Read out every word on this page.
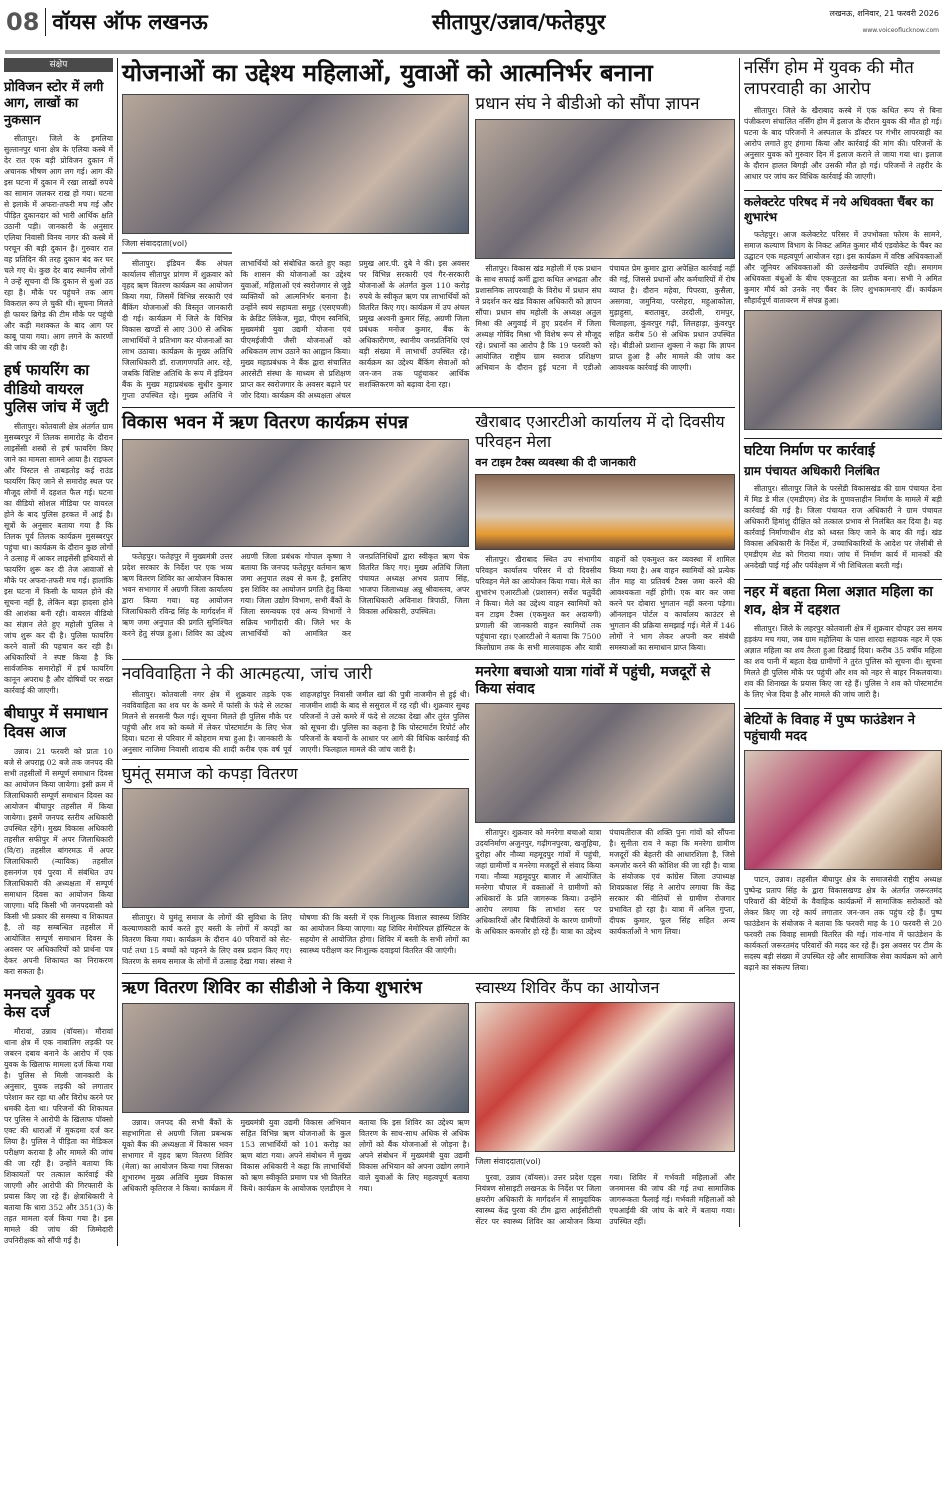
08 वॉयस ऑफ लखनऊ	सीतापुर/उन्नाव/फतेहपुर	लखनऊ, शनिवार, 21 फरवरी 2026
www.voiceoflucknow.com
संक्षेप
प्रोविजन स्टोर में लगी आग, लाखों का नुकसान
सीतापुर। जिले के इमलिया सुल्तानपुर थाना क्षेत्र के एलिया कस्बे में देर रात एक बड़ी प्रोविजन दुकान में अचानक भीषण आग लग गई। आग की इस घटना में दुकान में रखा लाखों रुपये का सामान जलकर राख हो गया। घटना से इलाके में अफरा-तफरी मच गई और पीड़ित दुकानदार को भारी आर्थिक क्षति उठानी पड़ी। जानकारी के अनुसार एलिया निवासी विनय नागर की कस्बे में परचून की बड़ी दुकान है। गुरुवार रात वह प्रतिदिन की तरह दुकान बंद कर घर चले गए थे। कुछ देर बाद स्थानीय लोगों ने उन्हें सूचना दी कि दुकान से धुआं उठ रहा है। मौके पर पहुंचने तक आग विकराल रूप ले चुकी थी। सूचना मिलते ही फायर ब्रिगेड की टीम मौके पर पहुंची और कड़ी मशक्कत के बाद आग पर काबू पाया गया। आग लगने के कारणों की जांच की जा रही है।
हर्ष फायरिंग का वीडियो वायरल पुलिस जांच में जुटी
सीतापुर। कोतवाली क्षेत्र अंतर्गत ग्राम मुसब्बरपुर में तिलक समारोह के दौरान लाइसेंसी शस्त्रों से हर्ष फायरिंग किए जाने का मामला सामने आया है। राइफल और पिस्टल से ताबड़तोड़ कई राउंड फायरिंग किए जाने से समारोह स्थल पर मौजूद लोगों में दहशत फैल गई। घटना का वीडियो सोशल मीडिया पर वायरल होने के बाद पुलिस हरकत में आई है। सूत्रों के अनुसार बताया गया है कि तिलक पूर्व तिलक कार्यक्रम मुसब्बरपुर पहुंचा था। कार्यक्रम के दौरान कुछ लोगों ने उत्साह में आकर लाइसेंसी हथियारों से फायरिंग शुरू कर दी तेज आवाजों से मौके पर अफरा-तफरी मच गई। हालांकि इस घटना में किसी के घायल होने की सूचना नहीं है, लेकिन बड़ा हादसा होने की आशंका बनी रही। वायरल वीडियो का संज्ञान लेते हुए महोली पुलिस ने जांच शुरू कर दी है। पुलिस फायरिंग करने वालों की पहचान कर रही है। अधिकारियों ने स्पष्ट किया है कि सार्वजनिक समारोहों में हर्ष फायरिंग कानून अपराध है और दोषियों पर सख्त कार्रवाई की जाएगी।
बीघापुर में समाधान दिवस आज
उन्नाव। 21 फरवरी को प्रातः 10 बजे से अपराह्न 02 बजे तक जनपद की सभी तहसीलों में सम्पूर्ण समाधान दिवस का आयोजन किया जायेगा। इसी क्रम में जिलाधिकारी सम्पूर्ण समाधान दिवस का आयोजन बीघापुर तहसील में किया जायेगा। इसमें जनपद स्तरीय अधिकारी उपस्थित रहेंगे। मुख्य विकास अधिकारी तहसील सफीपुर में अपर जिलाधिकारी (वि/रा) तहसील बांगरमऊ में अपर जिलाधिकारी (न्यायिक) तहसील हसनगंज एवं पुरवा में संबंधित उप जिलाधिकारी की अध्यक्षता में सम्पूर्ण समाधान दिवस का आयोजन किया जाएगा। यदि किसी भी जनपदवासी को किसी भी प्रकार की समस्या व शिकायत है, तो वह सम्बन्धित तहसील में आयोजित सम्पूर्ण समाधान दिवस के अवसर पर अधिकारियों को प्रार्थना पत्र देकर अपनी शिकायत का निराकरण करा सकता है।
मनचले युवक पर केस दर्ज
मौरावां, उन्नाव (वॉयस)। मौरावां थाना क्षेत्र में एक नाबालिग लड़की पर जबरन दबाव बनाने के आरोप में एक युवक के खिलाफ मामला दर्ज किया गया है। पुलिस से मिली जानकारी के अनुसार, युवक लड़की को लगातार परेशान कर रहा था और विरोध करने पर धमकी देता था। परिजनों की शिकायत पर पुलिस ने आरोपी के खिलाफ पॉक्सो एक्ट की धाराओं में मुकदमा दर्ज कर लिया है। पुलिस ने पीड़िता का मेडिकल परीक्षण कराया है और मामले की जांच की जा रही है। उन्होंने बताया कि शिकायतों पर तत्काल कार्रवाई की जाएगी और आरोपी की गिरफ्तारी के प्रयास किए जा रहे हैं। क्षेत्राधिकारी ने बताया कि धारा 352 और 351(3) के तहत मामला दर्ज किया गया है। इस मामले की जांच की जिम्मेदारी उपनिरीक्षक को सौंपी गई है।
योजनाओं का उद्देश्य महिलाओं, युवाओं को आत्मनिर्भर बनाना
जिला संवाददाता(vol)
सीतापुर। इंडियन बैंक अंचल कार्यालय सीतापुर प्रांगण में शुक्रवार को वृहद ऋण वितरण कार्यक्रम का आयोजन किया गया, जिसमें विभिन्न सरकारी एवं बैंकिंग योजनाओं की विस्तृत जानकारी दी गई। कार्यक्रम में जिले के विभिन्न विकास खण्डों से आए 300 से अधिक लाभार्थियों ने प्रतिभाग कर योजनाओं का लाभ उठाया। कार्यक्रम के मुख्य अतिथि जिलाधिकारी डॉ. राजागणपति आर. रहे, जबकि विशिष्ट अतिथि के रूप में इंडियन बैंक के मुख्य महाप्रबंधक सुधीर कुमार गुप्ता उपस्थित रहे। मुख्य अतिथि ने लाभार्थियों को संबोधित करते हुए कहा कि शासन की योजनाओं का उद्देश्य युवाओं, महिलाओं एवं स्वरोजगार से जुड़े व्यक्तियों को आत्मनिर्भर बनाना है। उन्होंने स्वयं सहायता समूह (एसएचजी) के क्रेडिट लिंकेज, मुद्रा, पीएम स्वनिधि, मुख्यमंत्री युवा उद्यमी योजना एवं पीएमईजीपी जैसी योजनाओं को अधिकतम लाभ उठाने का आह्वान किया। मुख्य महाप्रबंधक ने बैंक द्वारा संचालित आरसेटी संस्था के माध्यम से प्रशिक्षण प्राप्त कर स्वरोजगार के अवसर बढ़ाने पर जोर दिया। कार्यक्रम की अध्यक्षता अंचल प्रमुख आर.पी. दुबे ने की। इस अवसर पर विभिन्न सरकारी एवं गैर-सरकारी योजनाओं के अंतर्गत कुल 110 करोड़ रुपये के स्वीकृत ऋण पत्र लाभार्थियों को वितरित किए गए। कार्यक्रम में उप अंचल प्रमुख अश्वनी कुमार सिंह, अग्रणी जिला प्रबंधक मनोज कुमार, बैंक के अधिकारीगण, स्थानीय जनप्रतिनिधि एवं बड़ी संख्या में लाभार्थी उपस्थित रहे। कार्यक्रम का उद्देश्य बैंकिंग सेवाओं को जन-जन तक पहुंचाकर आर्थिक सशक्तिकरण को बढ़ावा देना रहा।
प्रधान संघ ने बीडीओ को सौंपा ज्ञापन
सीतापुर। विकास खंड महोली में एक प्रधान के साथ सफाई कर्मी द्वारा कथित अभद्रता और प्रशासनिक लापरवाही के विरोध में प्रधान संघ ने प्रदर्शन कर खंड विकास अधिकारी को ज्ञापन सौंपा। प्रधान संघ महोली के अध्यक्ष अतुल मिश्रा की अगुवाई में हुए प्रदर्शन में जिला अध्यक्ष गोविंद मिश्रा भी विशेष रूप से मौजूद रहे। प्रधानों का आरोप है कि 19 फरवरी को आयोजित राष्ट्रीय ग्राम स्वराज प्रशिक्षण अभियान के दौरान हुई घटना में एडीओ पंचायत प्रेम कुमार द्वारा अपेक्षित कार्रवाई नहीं की गई, जिससे प्रधानों और कर्मचारियों में रोष व्याप्त है। दौरान महेवा, पिपरवा, कुसैला, असगवा, जमुनिया, परसेहरा, महुआकोला, मुड़ाहुसा, बराताबुर, उरदौली, रामपुर, चिलाहला, कुंवरपुर गढ़ी, लिलहाड़ा, कुंवरपुर सहित करीब 50 से अधिक प्रधान उपस्थित रहे। बीडीओ प्रशान्त शुक्ला ने कहा कि ज्ञापन प्राप्त हुआ है और मामले की जांच कर आवश्यक कार्रवाई की जाएगी।
विकास भवन में ऋण वितरण कार्यक्रम संपन्न
फतेहपुर। फतेहपुर में मुख्यमंत्री उत्तर प्रदेश सरकार के निर्देश पर एक भव्य ऋण वितरण शिविर का आयोजन विकास भवन सभागार में अग्रणी जिला कार्यालय द्वारा किया गया। यह आयोजन जिलाधिकारी रविन्द्र सिंह के मार्गदर्शन में ऋण जमा अनुपात की प्रगति सुनिश्चित करने हेतु संपन्न हुआ। शिविर का उद्देश्य अग्रणी जिला प्रबंधक गोपाल कृष्णा ने बताया कि जनपद फतेहपुर वर्तमान ऋण जमा अनुपात लक्ष्य से कम है, इसलिए इस शिविर का आयोजन प्रगति हेतु किया गया। जिला उद्योग विभाग, सभी बैंकों के जिला समन्वयक एवं अन्य विभागों ने सक्रिय भागीदारी की। जिले भर के लाभार्थियों को आमंत्रित कर जनप्रतिनिधियों द्वारा स्वीकृत ऋण चेक वितरित किए गए। मुख्य अतिथि जिला पंचायत अध्यक्ष अभय प्रताप सिंह, भाजपा जिलाध्यक्ष अन्नू श्रीवास्तव, अपर जिलाधिकारी अविनाश त्रिपाठी, जिला विकास अधिकारी, उपस्थित।
खैराबाद एआरटीओ कार्यालय में दो दिवसीय परिवहन मेला
वन टाइम टैक्स व्यवस्था की दी जानकारी
सीतापुर। खैराबाद स्थित उप संभागीय परिवहन कार्यालय परिसर में दो दिवसीय परिवहन मेले का आयोजन किया गया। मेले का शुभारंभ एआरटीओ (प्रशासन) सर्वेश चतुर्वेदी ने किया। मेले का उद्देश्य वाहन स्वामियों को वन टाइम टैक्स (एकमुश्त कर अदायगी) प्रणाली की जानकारी वाहन स्वामियों तक पहुंचाना रहा। एआरटीओ ने बताया कि 7500 किलोग्राम तक के सभी मालवाहक और यात्री वाहनों को एकमुश्त कर व्यवस्था में शामिल किया गया है। अब वाहन स्वामियों को प्रत्येक तीन माह या प्रतिवर्ष टैक्स जमा करने की आवश्यकता नहीं होगी। एक बार कर जमा करने पर दोबारा भुगतान नहीं करना पड़ेगा। ऑनलाइन पोर्टल व कार्यालय काउंटर से भुगतान की प्रक्रिया समझाई गई। मेले में 146 लोगों ने भाग लेकर अपनी कर संबंधी समस्याओं का समाधान प्राप्त किया।
नवविवाहिता ने की आत्महत्या, जांच जारी
सीतापुर। कोतवाली नगर क्षेत्र में शुक्रवार तड़के एक नवविवाहिता का शव घर के कमरे में फांसी के फंदे से लटका मिलने से सनसनी फैल गई। सूचना मिलते ही पुलिस मौके पर पहुंची और शव को कब्जे में लेकर पोस्टमार्टम के लिए भेज दिया। घटना से परिवार में कोहराम मचा हुआ है। जानकारी के अनुसार नाजिमा निवासी शादाब की शादी करीब एक वर्ष पूर्व शाहजहांपुर निवासी जमील खां की पुत्री नाजमीन से हुई थी। नाजमीन शादी के बाद से ससुराल में रह रही थी। शुक्रवार सुबह परिजनों ने उसे कमरे में फंदे से लटका देखा और तुरंत पुलिस को सूचना दी। पुलिस का कहना है कि पोस्टमार्टम रिपोर्ट और परिजनों के बयानों के आधार पर आगे की विधिक कार्रवाई की जाएगी। फिलहाल मामले की जांच जारी है।
घुमंतू समाज को कपड़ा वितरण
सीतापुर। ये घुमंतू समाज के लोगों की सुविधा के लिए कल्याणकारी कार्य करते हुए बस्ती के लोगों में कपड़ों का वितरण किया गया। कार्यक्रम के दौरान 40 परिवारों को सेट-पार्ट तथा 15 बच्चों को पहनने के लिए वस्त्र प्रदान किए गए। वितरण के समय समाज के लोगों में उत्साह देखा गया। संस्था ने घोषणा की कि बस्ती में एक निःशुल्क विशाल स्वास्थ्य शिविर का आयोजन किया जाएगा। यह शिविर मेमोरियल हॉस्पिटल के सहयोग से आयोजित होगा। शिविर में बस्ती के सभी लोगों का स्वास्थ्य परीक्षण कर निःशुल्क दवाइयां वितरित की जाएंगी।
मनरेगा बचाओ यात्रा गांवों में पहुंची, मजदूरों से किया संवाद
सीतापुर। शुक्रवार को मनरेगा बचाओ यात्रा उदयनिर्माण अजुनपुर, गढ़ीगनपुरवा, खजुहिया, दुरोहा और नौव्या महमूदपुर गांवों में पहुंची, जहां ग्रामीणों व मनरेगा मजदूरों से संवाद किया गया। नौव्या महमूदपुर बाजार में आयोजित मनरेगा चौपाल में वक्ताओं ने ग्रामीणों को अधिकारों के प्रति जागरूक किया। उन्होंने आरोप लगाया कि लाभांश स्तर पर अधिकारियों और बिचौलियों के कारण ग्रामीणों के अधिकार कमजोर हो रहे हैं। यात्रा का उद्देश्य पंचायतीराज की शक्ति पुनः गांवों को सौंपना है। सुनीता राव ने कहा कि मनरेगा ग्रामीण मजदूरों की बेहतरी की आधारशिला है, जिसे कमजोर करने की कोशिश की जा रही है। यात्रा के संयोजक एवं कांग्रेस जिला उपाध्यक्ष शिवप्रकाश सिंह ने आरोप लगाया कि केंद्र सरकार की नीतियों से ग्रामीण रोजगार प्रभावित हो रहा है। यात्रा में अनिल गुप्ता, दीपक कुमार, फूल सिंह सहित अन्य कार्यकर्ताओं ने भाग लिया।
ऋण वितरण शिविर का सीडीओ ने किया शुभारंभ
उन्नाव। जनपद की सभी बैंकों के सहभागिता से अग्रणी जिला प्रबन्धक यूको बैंक की अध्यक्षता में विकास भवन सभागार में वृहद ऋण वितरण शिविर (मेला) का आयोजन किया गया जिसका शुभारम्भ मुख्य अतिथि मुख्य विकास अधिकारी कृतिराज ने किया। कार्यक्रम में मुख्यमंत्री युवा उद्यमी विकास अभियान सहित विभिन्न ऋण योजनाओं के कुल 153 लाभार्थियों को 101 करोड़ का ऋण बांटा गया। अपने संबोधन में मुख्य विकास अधिकारी ने कहा कि लाभार्थियों को ऋण स्वीकृति प्रमाण पत्र भी वितरित किये। कार्यक्रम के आयोजक एलडीएम ने बताया कि इस शिविर का उद्देश्य ऋण वितरण के साथ-साथ अधिक से अधिक लोगों को बैंक योजनाओं से जोड़ना है। अपने संबोधन में मुख्यमंत्री युवा उद्यमी विकास अभियान को अपना उद्योग लगाने वाले युवाओं के लिए महत्वपूर्ण बताया गया।
स्वास्थ्य शिविर कैंप का आयोजन
जिला संवाददाता(vol)
पुरवा, उन्नाव (वॉयस)। उत्तर प्रदेश एड्स नियंत्रण सोसाइटी लखनऊ के निर्देश पर जिला क्षयरोग अधिकारी के मार्गदर्शन में सामुदायिक स्वास्थ्य केंद्र पुरवा की टीम द्वारा आईसीटीसी सेंटर पर स्वास्थ्य शिविर का आयोजन किया गया। शिविर में गर्भवती महिलाओं और जनमानस की जांच की गई तथा सामाजिक जागरूकता फैलाई गई। गर्भवती महिलाओं को एचआईवी की जांच के बारे में बताया गया। उपस्थित रहीं।
नर्सिंग होम में युवक की मौत लापरवाही का आरोप
सीतापुर। जिले के खैराबाद कस्बे में एक कथित रूप से बिना पंजीकरण संचालित नर्सिंग होम में इलाज के दौरान युवक की मौत हो गई। घटना के बाद परिजनों ने अस्पताल के डॉक्टर पर गंभीर लापरवाही का आरोप लगाते हुए हंगामा किया और कार्रवाई की मांग की। परिजनों के अनुसार युवक को गुरुवार दिन में इलाज कराने ले जाया गया था। इलाज के दौरान हालत बिगड़ी और उसकी मौत हो गई। परिजनों ने तहरीर के आधार पर जांच कर विधिक कार्रवाई की जाएगी।
कलेक्टरेट परिषद में नये अधिवक्ता चैंबर का शुभारंभ
फतेहपुर। आज कलेक्टरेट परिसर में उपभोक्ता फोरम के सामने, समाज कल्याण विभाग के निकट अमित कुमार मौर्य एडवोकेट के चैंबर का उद्घाटन एक महत्वपूर्ण आयोजन रहा। इस कार्यक्रम में वरिष्ठ अधिवक्ताओं और जूनियर अधिवक्ताओं की उल्लेखनीय उपस्थिति रही। समागम अधिवक्ता बंधुओं के बीच एकजुटता का प्रतीक बना। सभी ने अमित कुमार मौर्य को उनके नए चैंबर के लिए शुभकामनाएं दीं। कार्यक्रम सौहार्दपूर्ण वातावरण में संपन्न हुआ।
घटिया निर्माण पर कार्रवाई
ग्राम पंचायत अधिकारी निलंबित
सीतापुर। सीतापुर जिले के परसेंडी विकासखंड की ग्राम पंचायत देना में मिड डे मील (एमडीएम) शेड के गुणवत्ताहीन निर्माण के मामले में बड़ी कार्रवाई की गई है। जिला पंचायत राज अधिकारी ने ग्राम पंचायत अधिकारी हिमांशु दीक्षित को तत्काल प्रभाव से निलंबित कर दिया है। यह कार्रवाई निर्माणाधीन शेड को ध्वस्त किए जाने के बाद की गई। खंड विकास अधिकारी के निर्देश में, उच्चाधिकारियों के आदेश पर जेसीबी से एमडीएम शेड को गिराया गया। जांच में निर्माण कार्य में मानकों की अनदेखी पाई गई और पर्यवेक्षण में भी शिथिलता बरती गई।
नहर में बहता मिला अज्ञात महिला का शव, क्षेत्र में दहशत
सीतापुर। जिले के लहरपुर कोतवाली क्षेत्र में शुक्रवार दोपहर उस समय हड़कंप मच गया, जब ग्राम महोलिया के पास शारदा सहायक नहर में एक अज्ञात महिला का शव तैरता हुआ दिखाई दिया। करीब 35 वर्षीय महिला का शव पानी में बहता देख ग्रामीणों ने तुरंत पुलिस को सूचना दी। सूचना मिलते ही पुलिस मौके पर पहुंची और शव को नहर से बाहर निकलवाया। शव की शिनाख्त के प्रयास किए जा रहे हैं। पुलिस ने शव को पोस्टमार्टम के लिए भेज दिया है और मामले की जांच जारी है।
बेटियों के विवाह में पुष्प फाउंडेशन ने पहुंचायी मदद
पाटन, उन्नाव। तहसील बीघापुर क्षेत्र के समाजसेवी राष्ट्रीय अध्यक्ष पुष्पेन्द्र प्रताप सिंह के द्वारा विकासखण्ड क्षेत्र के अंतर्गत जरूरतमंद परिवारों की बेटियों के वैवाहिक कार्यक्रमों में सामाजिक सरोकारों को लेकर किए जा रहे कार्य लगातार जन-जन तक पहुंच रहे हैं। पुष्प फाउंडेशन के संयोजक ने बताया कि फरवरी माह के 10 फरवरी से 20 फरवरी तक विवाह सामग्री वितरित की गई। गांव-गांव में फाउंडेशन के कार्यकर्ता जरूरतमंद परिवारों की मदद कर रहे हैं। इस अवसर पर टीम के सदस्य बड़ी संख्या में उपस्थित रहे और सामाजिक सेवा कार्यक्रम को आगे बढ़ाने का संकल्प लिया।
